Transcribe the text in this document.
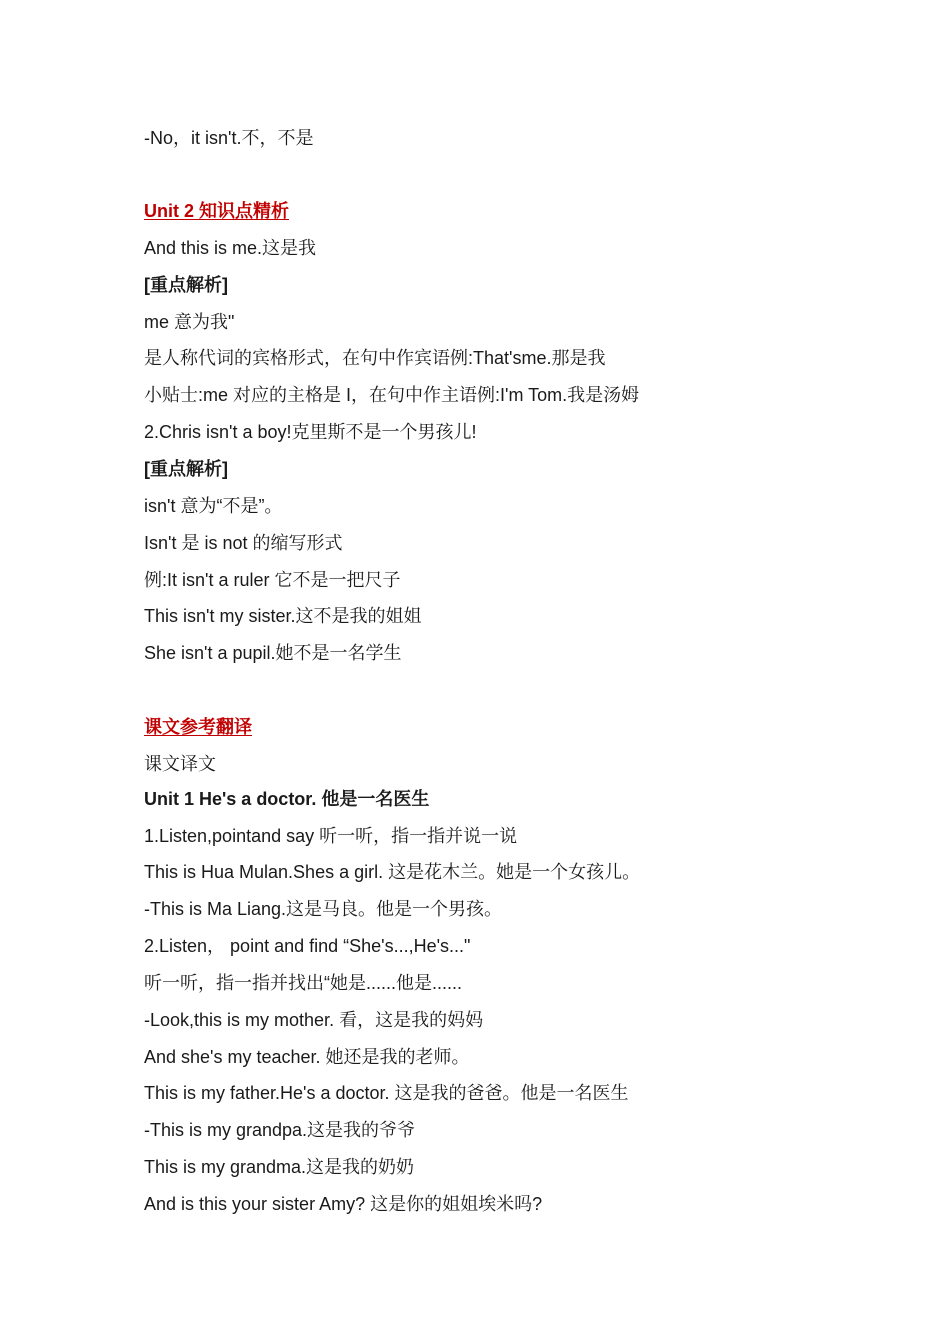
-No，it isn't.不，不是
Unit 2 知识点精析
And this is me.这是我
[重点解析]
me 意为我"
是人称代词的宾格形式，在句中作宾语例:That'sme.那是我
小贴士:me 对应的主格是 I，在句中作主语例:I'm Tom.我是汤姆
2.Chris isn't a boy!克里斯不是一个男孩儿!
[重点解析]
isn't 意为“不是”。
Isn't 是 is not 的缩写形式
例:It isn't a ruler 它不是一把尺子
This isn't my sister.这不是我的姐姐
She isn't a pupil.她不是一名学生
课文参考翻译
课文译文
Unit 1 He's a doctor. 他是一名医生
1.Listen,pointand say 听一听，指一指并说一说
This is Hua Mulan.Shes a girl. 这是花木兰。她是一个女孩儿。
-This is Ma Liang.这是马良。他是一个男孩。
2.Listen， point and find “She's...,He's..."
听一听，指一指并找出“她是......他是......
-Look,this is my mother. 看，这是我的妈妈
And she's my teacher. 她还是我的老师。
This is my father.He's a doctor. 这是我的爸爸。他是一名医生
-This is my grandpa.这是我的爷爷
This is my grandma.这是我的奶奶
And is this your sister Amy? 这是你的姐姐埃米吗?
